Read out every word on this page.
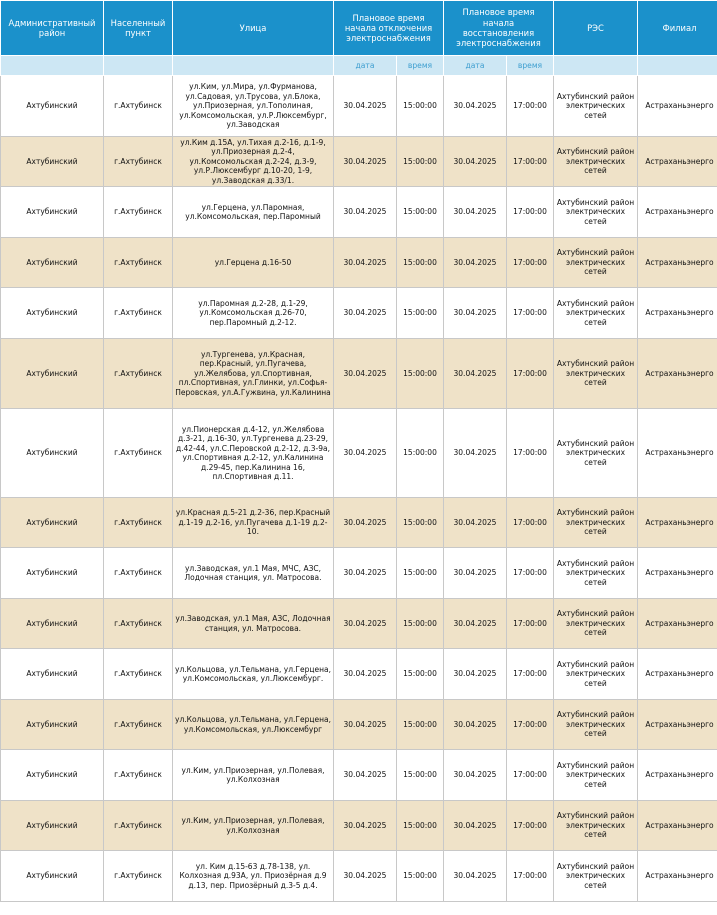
Административный район	Населенный пункт	Улица	Плановое время начала отключения электроснабжения		Плановое время начала восстановления электроснабжения		РЭС	Филиал
			дата	время	дата	время		
Ахтубинский	г.Ахтубинск	ул.Ким, ул.Мира, ул.Фурманова, ул.Садовая, ул.Трусова, ул.Блока, ул.Приозерная, ул.Тополиная, ул.Комсомольская, ул.Р.Люксембург, ул.Заводская	30.04.2025	15:00:00	30.04.2025	17:00:00	Ахтубинский район электрических сетей	Астраханьэнерго
Ахтубинский	г.Ахтубинск	ул.Ким д.15А, ул.Тихая д.2-16, д.1-9, ул.Приозерная д.2-4, ул.Комсомольская д.2-24, д.3-9, ул.Р.Люксембург д.10-20, 1-9, ул.Заводская д.33/1.	30.04.2025	15:00:00	30.04.2025	17:00:00	Ахтубинский район электрических сетей	Астраханьэнерго
Ахтубинский	г.Ахтубинск	ул.Герцена, ул.Паромная, ул.Комсомольская, пер.Паромный	30.04.2025	15:00:00	30.04.2025	17:00:00	Ахтубинский район электрических сетей	Астраханьэнерго
Ахтубинский	г.Ахтубинск	ул.Герцена д.16-50	30.04.2025	15:00:00	30.04.2025	17:00:00	Ахтубинский район электрических сетей	Астраханьэнерго
Ахтубинский	г.Ахтубинск	ул.Паромная д.2-28, д.1-29, ул.Комсомольская д.26-70, пер.Паромный д.2-12.	30.04.2025	15:00:00	30.04.2025	17:00:00	Ахтубинский район электрических сетей	Астраханьэнерго
Ахтубинский	г.Ахтубинск	ул.Тургенева, ул.Красная, пер.Красный, ул.Пугачева, ул.Желябова, ул.Спортивная, пл.Спортивная, ул.Глинки, ул.Софья-Перовская, ул.А.Гужвина, ул.Калинина	30.04.2025	15:00:00	30.04.2025	17:00:00	Ахтубинский район электрических сетей	Астраханьэнерго
Ахтубинский	г.Ахтубинск	ул.Пионерская д.4-12, ул.Желябова д.3-21, д.16-30, ул.Тургенева д.23-29, д.42-44, ул.С.Перовской д.2-12, д.3-9а, ул.Спортивная д.2-12, ул.Калинина д.29-45, пер.Калинина 16, пл.Спортивная д.11.	30.04.2025	15:00:00	30.04.2025	17:00:00	Ахтубинский район электрических сетей	Астраханьэнерго
Ахтубинский	г.Ахтубинск	ул.Красная д.5-21 д.2-36, пер.Красный д.1-19 д.2-16, ул.Пугачева д.1-19 д.2-10.	30.04.2025	15:00:00	30.04.2025	17:00:00	Ахтубинский район электрических сетей	Астраханьэнерго
Ахтубинский	г.Ахтубинск	ул.Заводская, ул.1 Мая, МЧС, АЗС, Лодочная станция, ул. Матросова.	30.04.2025	15:00:00	30.04.2025	17:00:00	Ахтубинский район электрических сетей	Астраханьэнерго
Ахтубинский	г.Ахтубинск	ул.Заводская, ул.1 Мая, АЗС, Лодочная станция, ул. Матросова.	30.04.2025	15:00:00	30.04.2025	17:00:00	Ахтубинский район электрических сетей	Астраханьэнерго
Ахтубинский	г.Ахтубинск	ул.Кольцова, ул.Тельмана, ул.Герцена, ул.Комсомольская, ул.Люксембург.	30.04.2025	15:00:00	30.04.2025	17:00:00	Ахтубинский район электрических сетей	Астраханьэнерго
Ахтубинский	г.Ахтубинск	ул.Кольцова, ул.Тельмана, ул.Герцена, ул.Комсомольская, ул.Люксембург	30.04.2025	15:00:00	30.04.2025	17:00:00	Ахтубинский район электрических сетей	Астраханьэнерго
Ахтубинский	г.Ахтубинск	ул.Ким, ул.Приозерная, ул.Полевая, ул.Колхозная	30.04.2025	15:00:00	30.04.2025	17:00:00	Ахтубинский район электрических сетей	Астраханьэнерго
Ахтубинский	г.Ахтубинск	ул.Ким, ул.Приозерная, ул.Полевая, ул.Колхозная	30.04.2025	15:00:00	30.04.2025	17:00:00	Ахтубинский район электрических сетей	Астраханьэнерго
Ахтубинский	г.Ахтубинск	ул. Ким д.15-63 д.78-138, ул. Колхозная д.93А, ул. Приозёрная д.9 д.13, пер. Приозёрный д.3-5 д.4.	30.04.2025	15:00:00	30.04.2025	17:00:00	Ахтубинский район электрических сетей	Астраханьэнерго
